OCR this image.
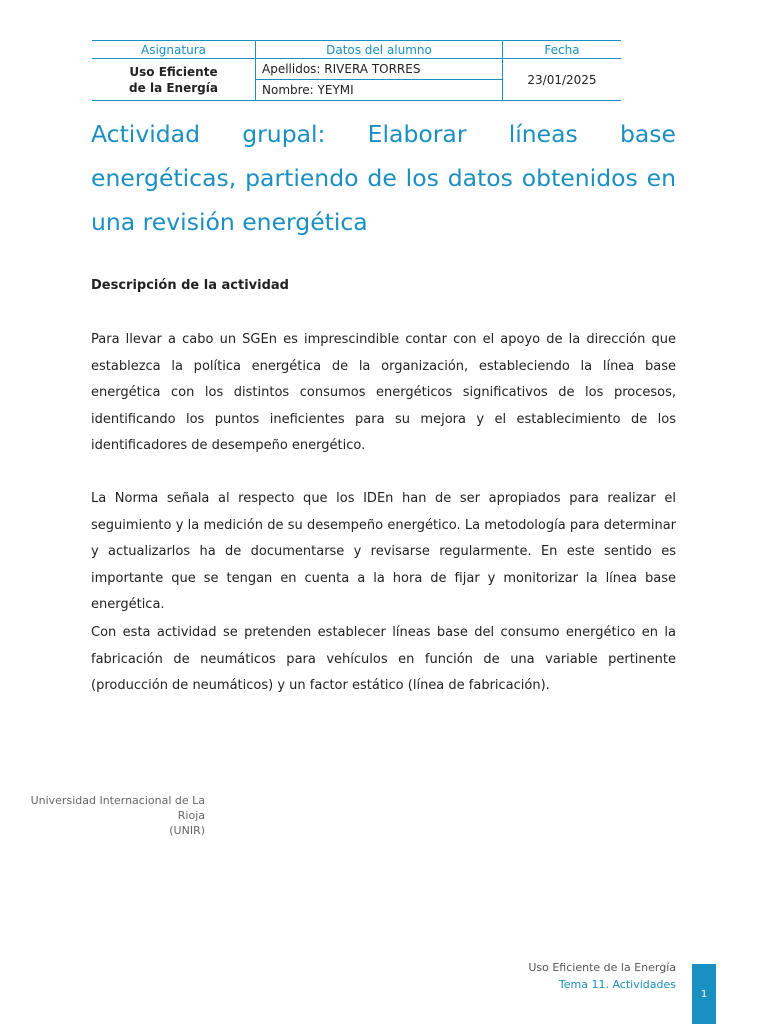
Asignatura	Datos del alumno	Fecha

Uso Eficiente
de la Energía	Apellidos: RIVERA TORRES	23/01/2025
	Nombre: YEYMI	
Actividad grupal: Elaborar líneas base energéticas, partiendo de los datos obtenidos en una revisión energética
Descripción de la actividad

Para llevar a cabo un SGEn es imprescindible contar con el apoyo de la dirección que establezca la política energética de la organización, estableciendo la línea base energética con los distintos consumos energéticos significativos de los procesos, identificando los puntos ineficientes para su mejora y el establecimiento de los identificadores de desempeño energético.

La Norma señala al respecto que los IDEn han de ser apropiados para realizar el seguimiento y la medición de su desempeño energético. La metodología para determinar y actualizarlos ha de documentarse y revisarse regularmente. En este sentido es importante que se tengan en cuenta a la hora de fijar y monitorizar la línea base energética.

Con esta actividad se pretenden establecer líneas base del consumo energético en la fabricación de neumáticos para vehículos en función de una variable pertinente (producción de neumáticos) y un factor estático (línea de fabricación).

Universidad Internacional de La Rioja
(UNIR)
Uso Eficiente de la Energía
Tema 11. Actividades
1
